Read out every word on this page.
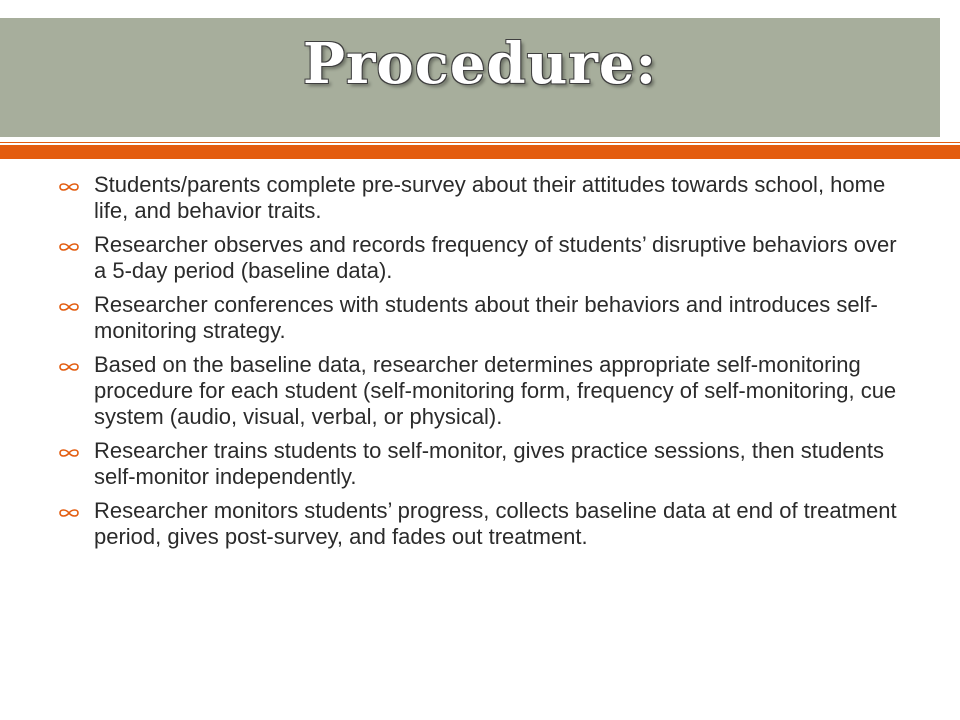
Procedure:
Students/parents complete pre-survey about their attitudes towards school, home life, and behavior traits.
Researcher observes and records frequency of students’ disruptive behaviors over a 5-day period (baseline data).
Researcher conferences with students about their behaviors and introduces self-monitoring strategy.
Based on the baseline data, researcher determines appropriate self-monitoring procedure for each student (self-monitoring form, frequency of self-monitoring, cue system (audio, visual, verbal, or physical).
Researcher trains students to self-monitor, gives practice sessions, then students self-monitor independently.
Researcher monitors students’ progress, collects baseline data at end of treatment period, gives post-survey, and fades out treatment.
